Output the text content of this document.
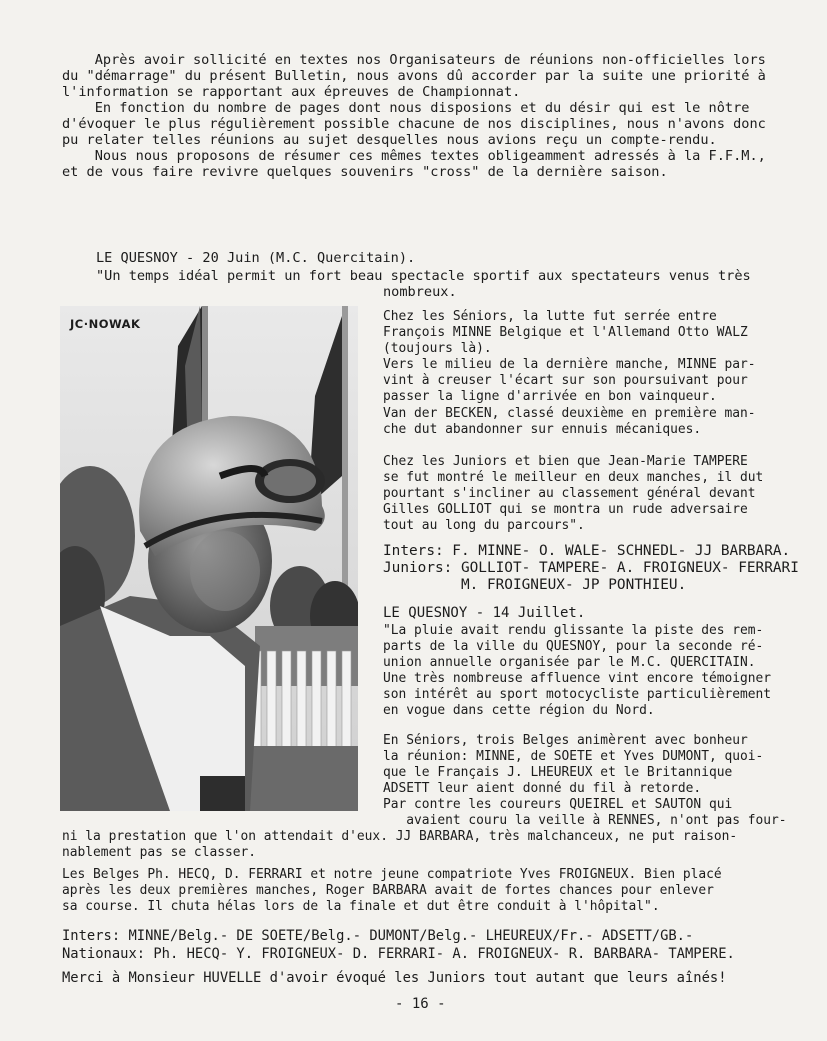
Après avoir sollicité en textes nos Organisateurs de réunions non-officielles lors
du "démarrage" du présent Bulletin, nous avons dû accorder par la suite une priorité à
l'information se rapportant aux épreuves de Championnat.
En fonction du nombre de pages dont nous disposions et du désir qui est le nôtre
d'évoquer le plus régulièrement possible chacune de nos disciplines, nous n'avons donc
pu relater telles réunions au sujet desquelles nous avions reçu un compte-rendu.
Nous nous proposons de résumer ces mêmes textes obligeamment adressés à la F.F.M.,
et de vous faire revivre quelques souvenirs "cross" de la dernière saison.

LE QUESNOY - 20 Juin (M.C. Quercitain).

"Un temps idéal permit un fort beau spectacle sportif aux spectateurs venus très

nombreux.

JC·NOWAK	Chez les Séniors, la lutte fut serrée entre
François MINNE Belgique et l'Allemand Otto WALZ
(toujours là).
Vers le milieu de la dernière manche, MINNE par-
vint à creuser l'écart sur son poursuivant pour
passer la ligne d'arrivée en bon vainqueur.
Van der BECKEN, classé deuxième en première man-
che dut abandonner sur ennuis mécaniques.

Chez les Juniors et bien que Jean-Marie TAMPERE
se fut montré le meilleur en deux manches, il dut
pourtant s'incliner au classement général devant
Gilles GOLLIOT qui se montra un rude adversaire
tout au long du parcours".

Inters: F. MINNE- O. WALE- SCHNEDL- JJ BARBARA.
Juniors: GOLLIOT- TAMPERE- A. FROIGNEUX- FERRARI
M. FROIGNEUX- JP PONTHIEU.

LE QUESNOY - 14 Juillet.

"La pluie avait rendu glissante la piste des rem-
parts de la ville du QUESNOY, pour la seconde ré-
union annuelle organisée par le M.C. QUERCITAIN.
Une très nombreuse affluence vint encore témoigner
son intérêt au sport motocycliste particulièrement
en vogue dans cette région du Nord.

En Séniors, trois Belges animèrent avec bonheur
la réunion: MINNE, de SOETE et Yves DUMONT, quoi-
que le Français J. LHEUREUX et le Britannique
ADSETT leur aient donné du fil à retorde.
Par contre les coureurs QUEIREL et SAUTON qui
avaient couru la veille à RENNES, n'ont pas four-

ni la prestation que l'on attendait d'eux. JJ BARBARA, très malchanceux, ne put raison-
nablement pas se classer.

Les Belges Ph. HECQ, D. FERRARI et notre jeune compatriote Yves FROIGNEUX. Bien placé
après les deux premières manches, Roger BARBARA avait de fortes chances pour enlever
sa course. Il chuta hélas lors de la finale et dut être conduit à l'hôpital".

Inters: MINNE/Belg.- DE SOETE/Belg.- DUMONT/Belg.- LHEUREUX/Fr.- ADSETT/GB.-
Nationaux: Ph. HECQ- Y. FROIGNEUX- D. FERRARI- A. FROIGNEUX- R. BARBARA- TAMPERE.

Merci à Monsieur HUVELLE d'avoir évoqué les Juniors tout autant que leurs aînés!

- 16 -
